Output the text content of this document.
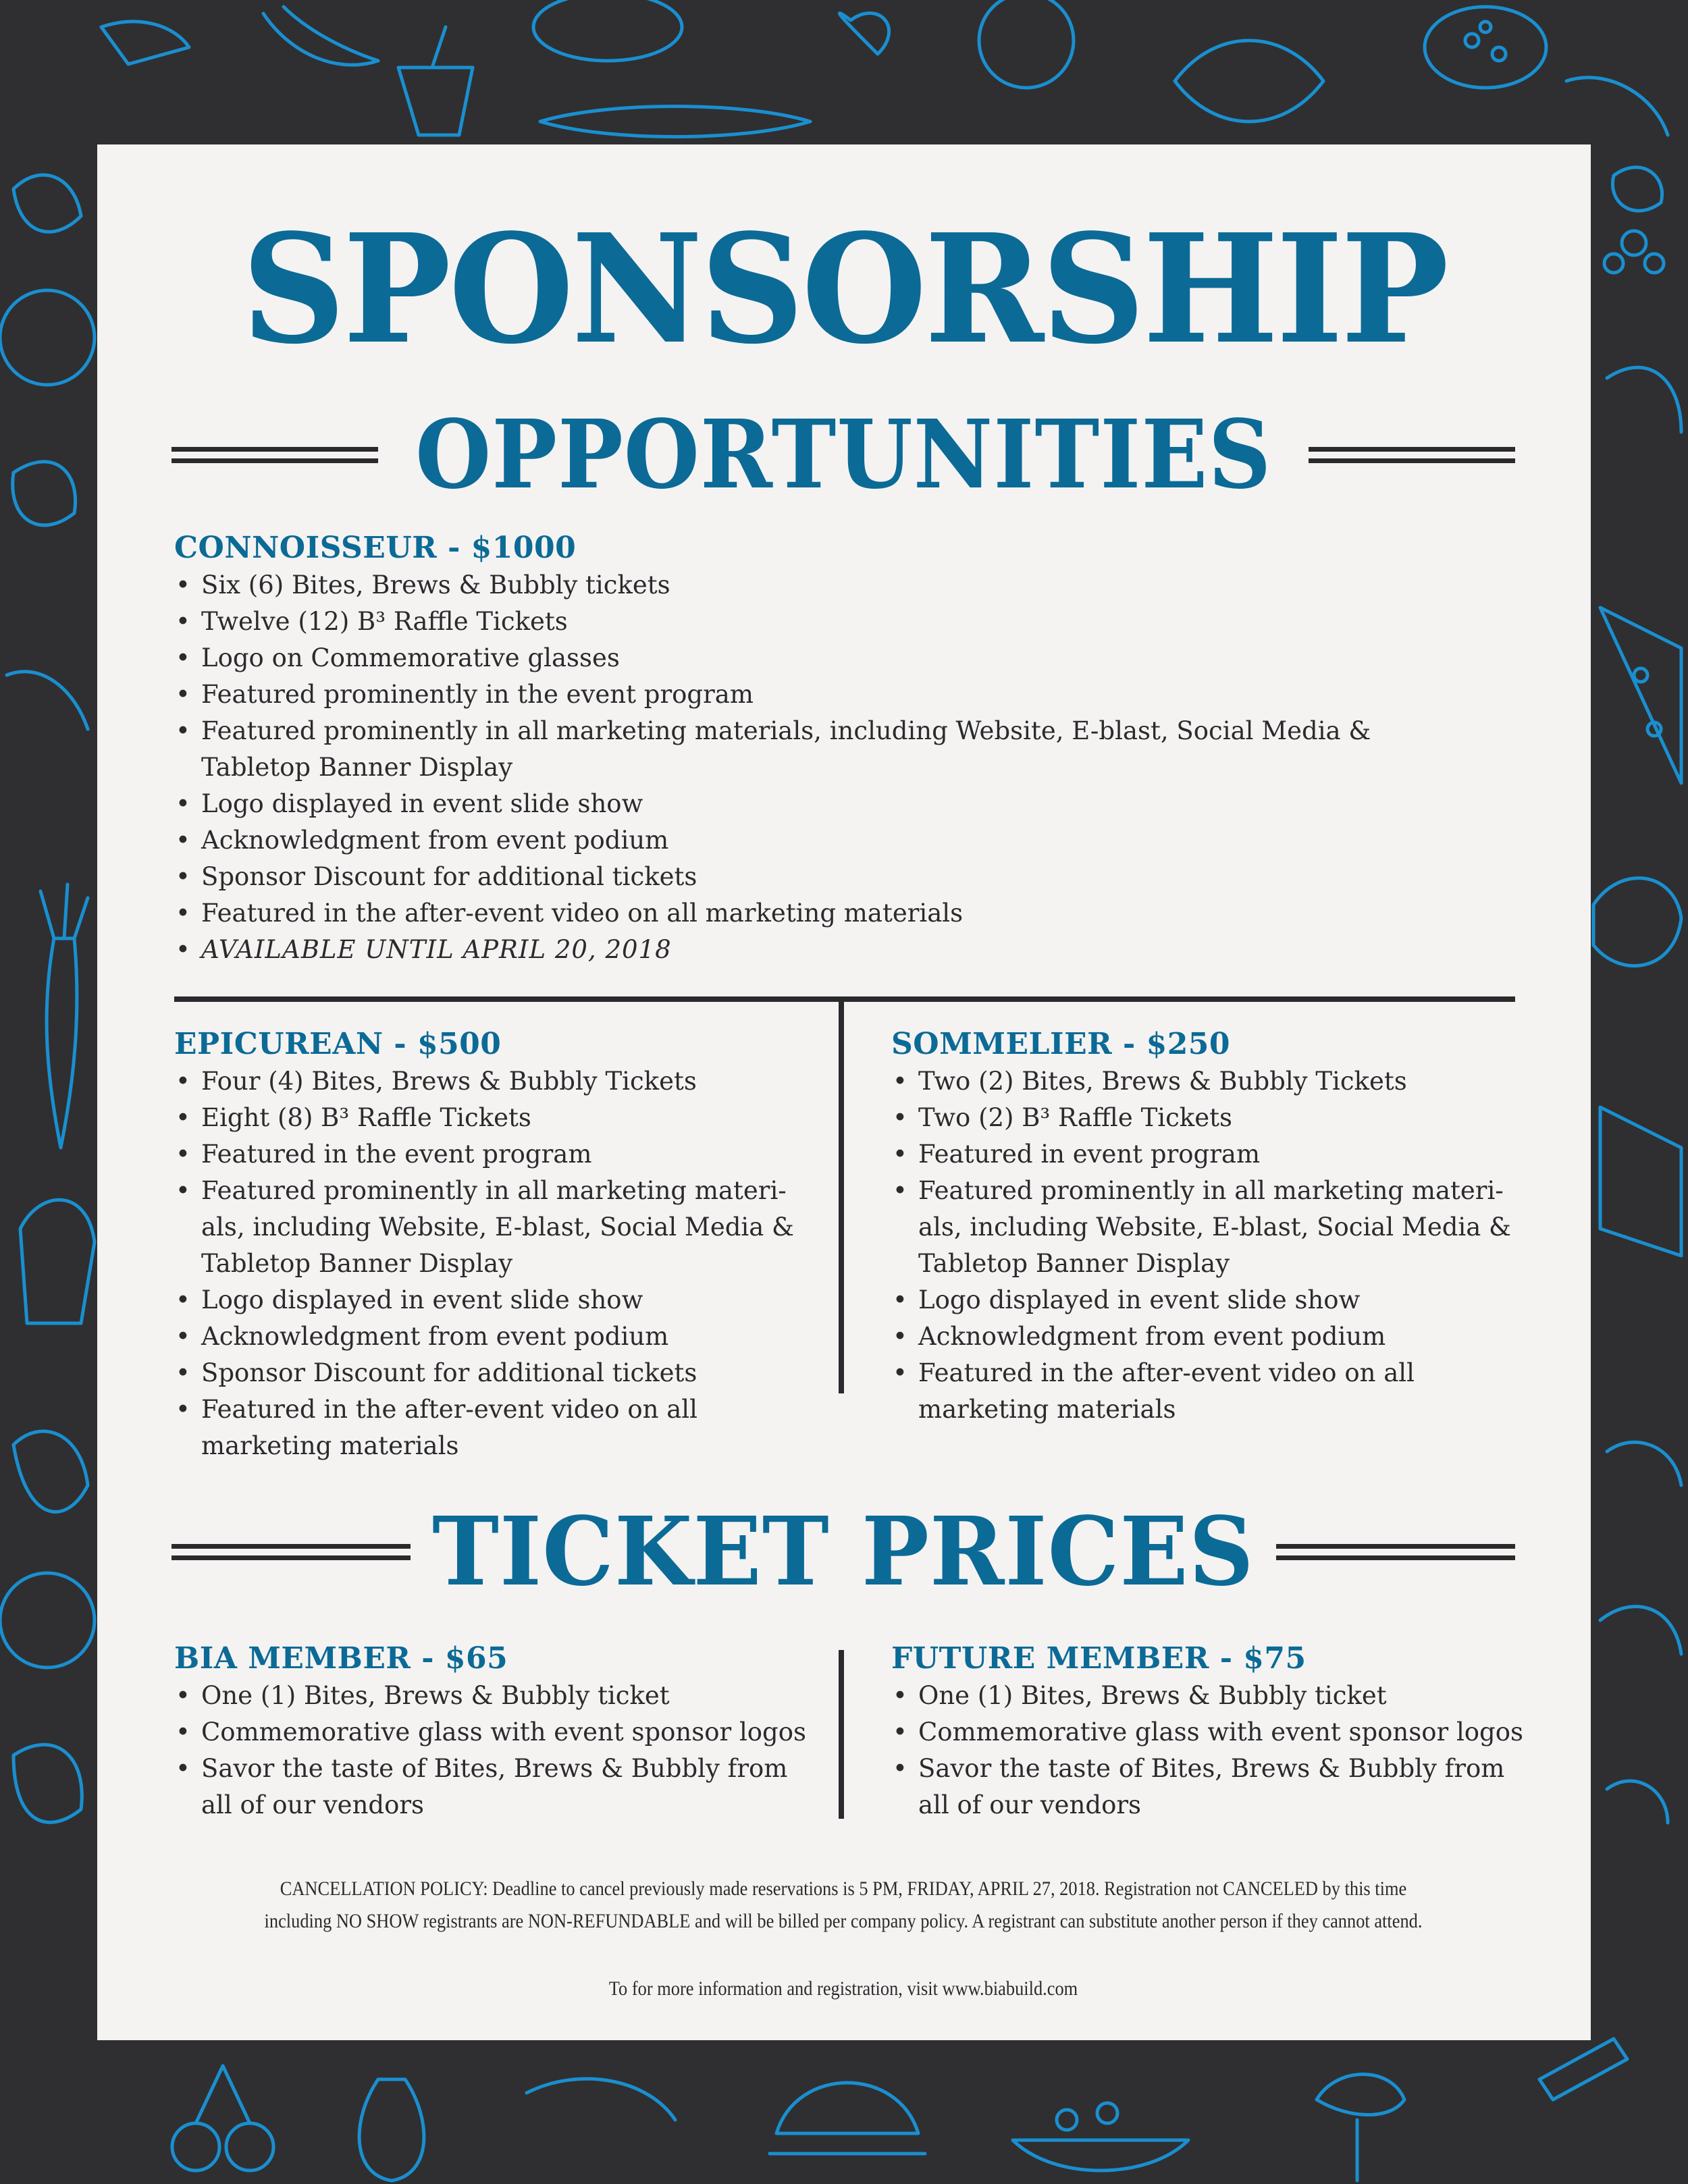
SPONSORSHIP
OPPORTUNITIES
CONNOISSEUR - $1000
• Six (6) Bites, Brews & Bubbly tickets
• Twelve (12) B³ Raffle Tickets
• Logo on Commemorative glasses
• Featured prominently in the event program
• Featured prominently in all marketing materials, including Website, E-blast, Social Media & Tabletop Banner Display
• Logo displayed in event slide show
• Acknowledgment from event podium
• Sponsor Discount for additional tickets
• Featured in the after-event video on all marketing materials
• AVAILABLE UNTIL APRIL 20, 2018
EPICUREAN - $500
• Four (4) Bites, Brews & Bubbly Tickets
• Eight (8) B³ Raffle Tickets
• Featured in the event program
• Featured prominently in all marketing materi- als, including Website, E-blast, Social Media & Tabletop Banner Display
• Logo displayed in event slide show
• Acknowledgment from event podium
• Sponsor Discount for additional tickets
• Featured in the after-event video on all marketing materials
SOMMELIER - $250
• Two (2) Bites, Brews & Bubbly Tickets
• Two (2) B³ Raffle Tickets
• Featured in event program
• Featured prominently in all marketing materi- als, including Website, E-blast, Social Media & Tabletop Banner Display
• Logo displayed in event slide show
• Acknowledgment from event podium
• Featured in the after-event video on all marketing materials
TICKET PRICES
BIA MEMBER - $65
• One (1) Bites, Brews & Bubbly ticket
• Commemorative glass with event sponsor logos
• Savor the taste of Bites, Brews & Bubbly from all of our vendors
FUTURE MEMBER - $75
• One (1) Bites, Brews & Bubbly ticket
• Commemorative glass with event sponsor logos
• Savor the taste of Bites, Brews & Bubbly from all of our vendors
CANCELLATION POLICY: Deadline to cancel previously made reservations is 5 PM, FRIDAY, APRIL 27, 2018. Registration not CANCELED by this time including NO SHOW registrants are NON-REFUNDABLE and will be billed per company policy. A registrant can substitute another person if they cannot attend.
To for more information and registration, visit www.biabuild.com
